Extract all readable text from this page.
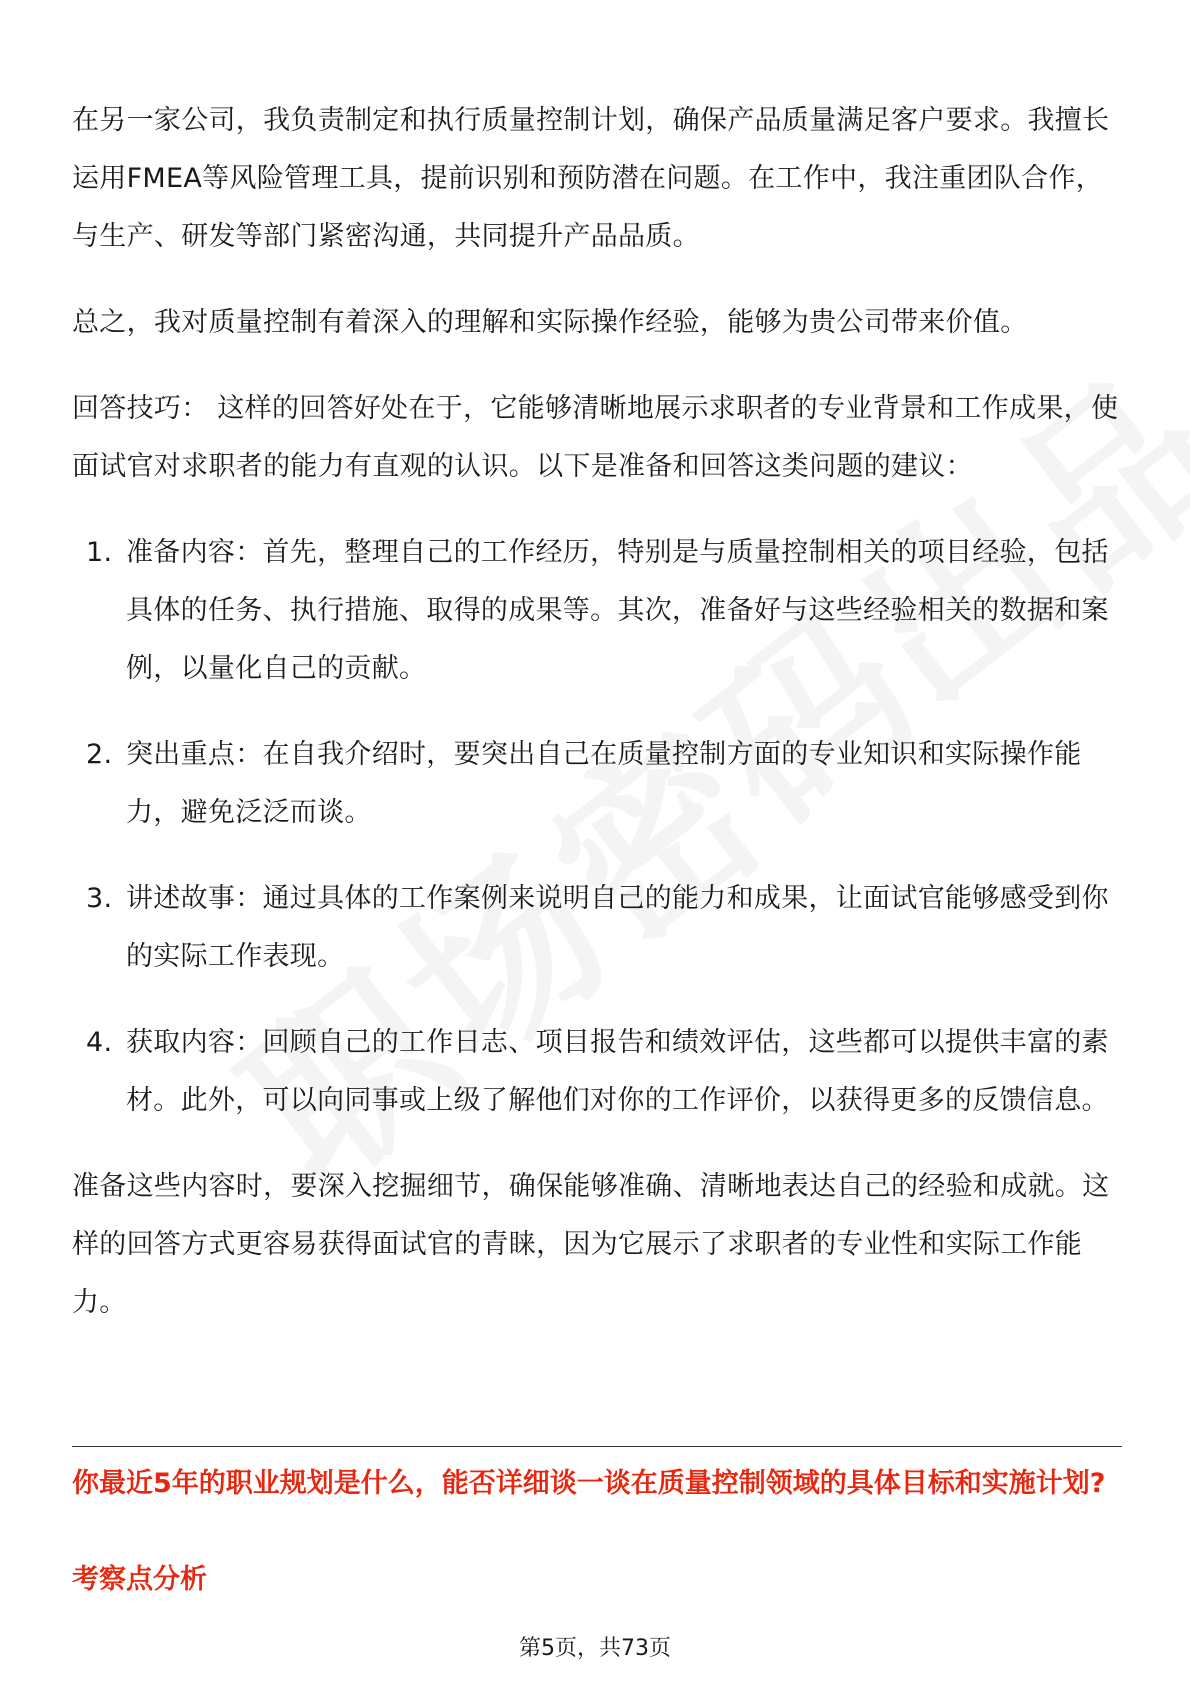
在另一家公司，我负责制定和执行质量控制计划，确保产品质量满足客户要求。我擅长运用FMEA等风险管理工具，提前识别和预防潜在问题。在工作中，我注重团队合作，与生产、研发等部门紧密沟通，共同提升产品品质。

总之，我对质量控制有着深入的理解和实际操作经验，能够为贵公司带来价值。

回答技巧： 这样的回答好处在于，它能够清晰地展示求职者的专业背景和工作成果，使面试官对求职者的能力有直观的认识。以下是准备和回答这类问题的建议：

1. 准备内容：首先，整理自己的工作经历，特别是与质量控制相关的项目经验，包括具体的任务、执行措施、取得的成果等。其次，准备好与这些经验相关的数据和案例，以量化自己的贡献。
2. 突出重点：在自我介绍时，要突出自己在质量控制方面的专业知识和实际操作能力，避免泛泛而谈。
3. 讲述故事：通过具体的工作案例来说明自己的能力和成果，让面试官能够感受到你的实际工作表现。
4. 获取内容：回顾自己的工作日志、项目报告和绩效评估，这些都可以提供丰富的素材。此外，可以向同事或上级了解他们对你的工作评价，以获得更多的反馈信息。

准备这些内容时，要深入挖掘细节，确保能够准确、清晰地表达自己的经验和成就。这样的回答方式更容易获得面试官的青睐，因为它展示了求职者的专业性和实际工作能力。

你最近5年的职业规划是什么，能否详细谈一谈在质量控制领域的具体目标和实施计划?

考察点分析

第5页，共73页
